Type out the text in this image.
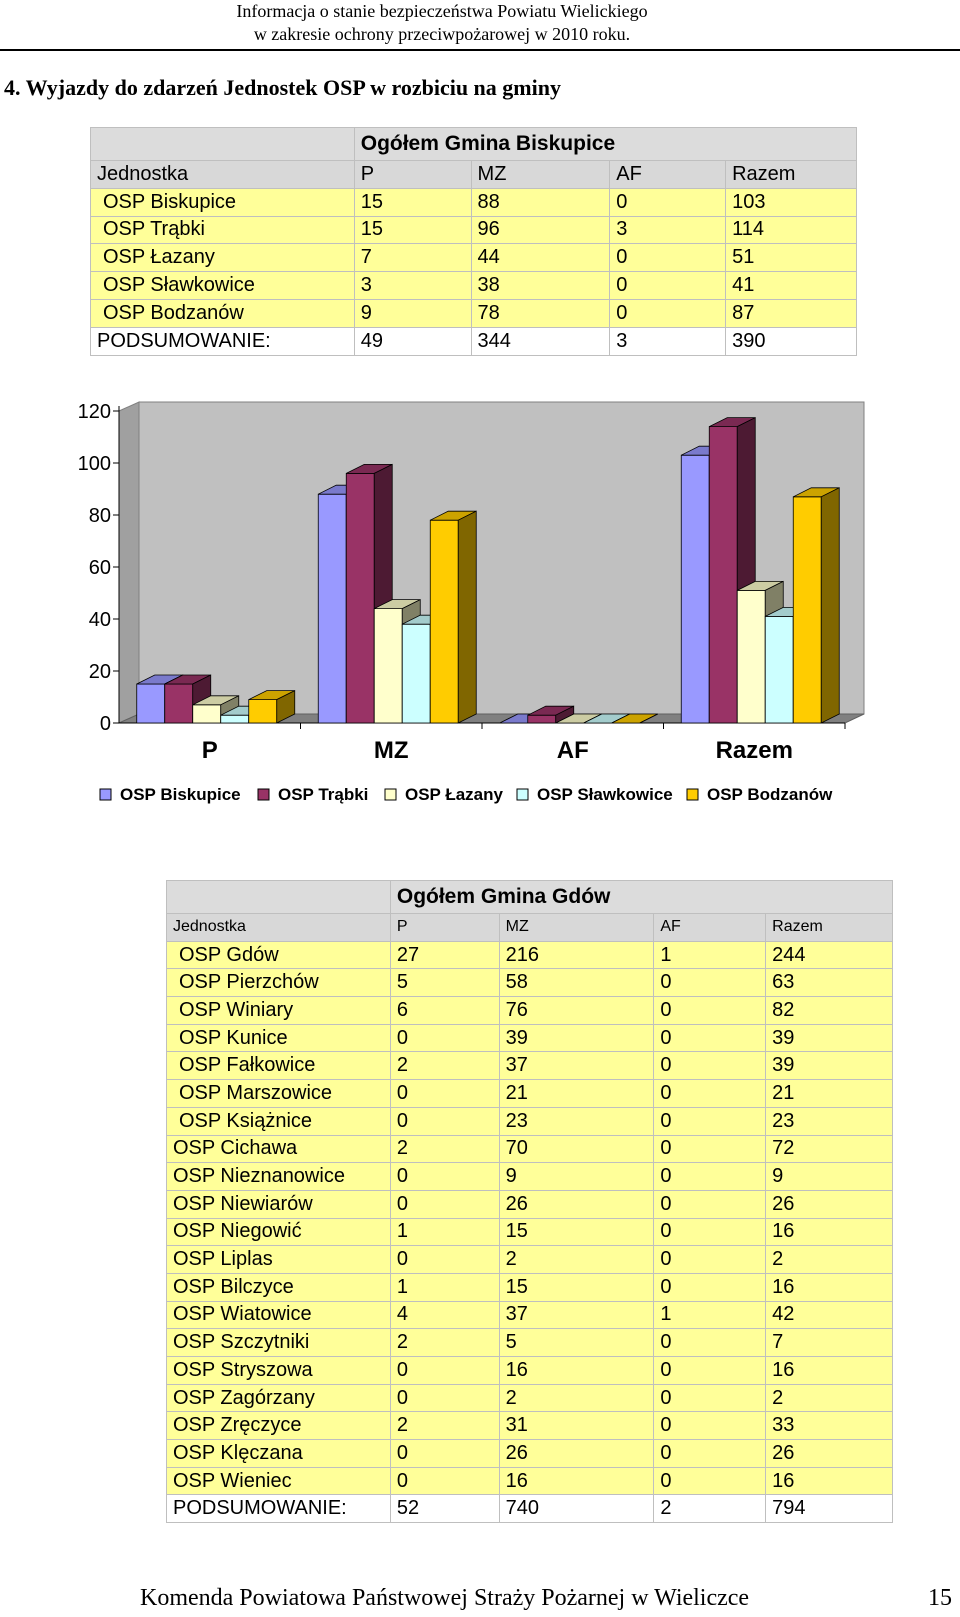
Informacja o stanie bezpieczeństwa Powiatu Wielickiego
w zakresie ochrony przeciwpożarowej w 2010 roku.
4. Wyjazdy do zdarzeń Jednostek OSP w rozbiciu na gminy
	Ogółem Gmina Biskupice			
Jednostka	P	MZ	AF	Razem
OSP Biskupice	15	88	0	103
OSP Trąbki	15	96	3	114
OSP Łazany	7	44	0	51
OSP Sławkowice	3	38	0	41
OSP Bodzanów	9	78	0	87
PODSUMOWANIE:	49	344	3	390
0
20
40
60
80
100
120
P	MZ	AF	Razem
OSP Biskupice OSP Trąbki OSP Łazany OSP Sławkowice OSP Bodzanów
	Ogółem Gmina Gdów			
Jednostka	P	MZ	AF	Razem
OSP Gdów	27	216	1	244
OSP Pierzchów	5	58	0	63
OSP Winiary	6	76	0	82
OSP Kunice	0	39	0	39
OSP Fałkowice	2	37	0	39
OSP Marszowice	0	21	0	21
OSP Książnice	0	23	0	23
OSP Cichawa	2	70	0	72
OSP Nieznanowice	0	9	0	9
OSP Niewiarów	0	26	0	26
OSP Niegowić	1	15	0	16
OSP Liplas	0	2	0	2
OSP Bilczyce	1	15	0	16
OSP Wiatowice	4	37	1	42
OSP Szczytniki	2	5	0	7
OSP Stryszowa	0	16	0	16
OSP Zagórzany	0	2	0	2
OSP Zręczyce	2	31	0	33
OSP Klęczana	0	26	0	26
OSP Wieniec	0	16	0	16
PODSUMOWANIE:	52	740	2	794
Komenda Powiatowa Państwowej Straży Pożarnej w Wieliczce	15
